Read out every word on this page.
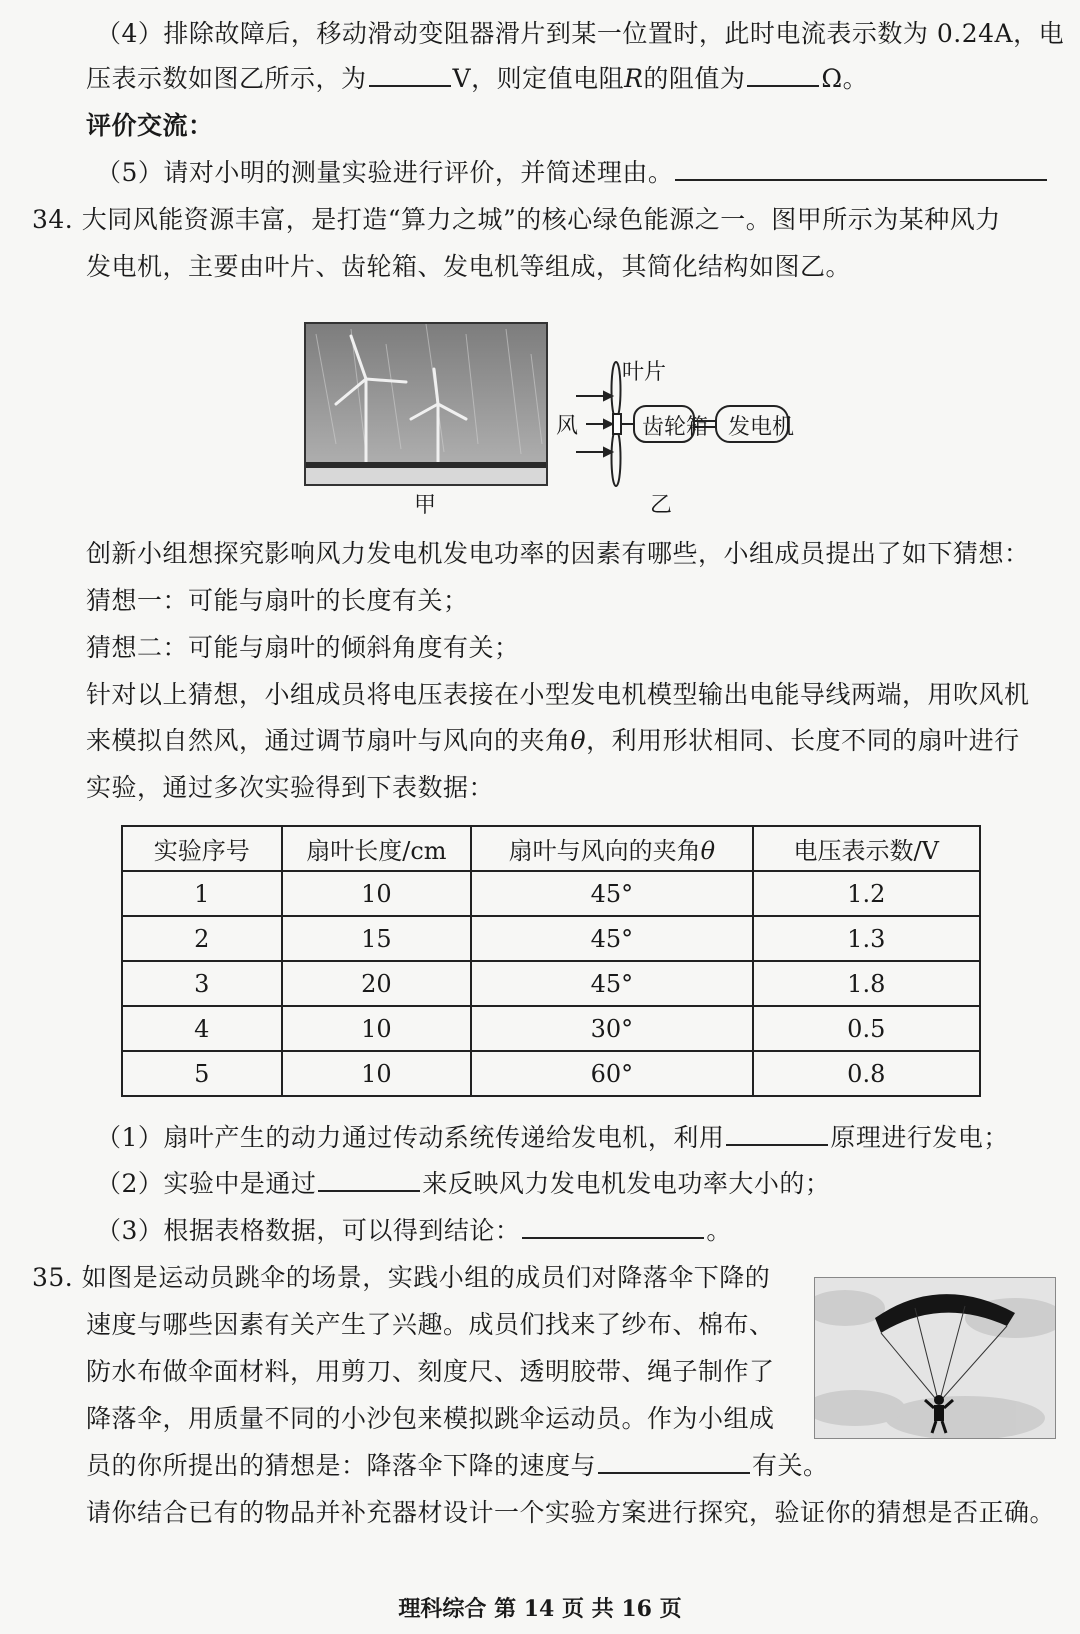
（4）排除故障后，移动滑动变阻器滑片到某一位置时，此时电流表示数为 0.24A，电
压表示数如图乙所示，为	V，则定值电阻R的阻值为	Ω。
评价交流：
（5）请对小明的测量实验进行评价，并简述理由。
34. 大同风能资源丰富，是打造“算力之城”的核心绿色能源之一。图甲所示为某种风力
发电机，主要由叶片、齿轮箱、发电机等组成，其简化结构如图乙。
甲
叶片
风	齿轮箱 发电机
乙
创新小组想探究影响风力发电机发电功率的因素有哪些，小组成员提出了如下猜想：
猜想一：可能与扇叶的长度有关；
猜想二：可能与扇叶的倾斜角度有关；
针对以上猜想，小组成员将电压表接在小型发电机模型输出电能导线两端，用吹风机
来模拟自然风，通过调节扇叶与风向的夹角θ，利用形状相同、长度不同的扇叶进行
实验，通过多次实验得到下表数据：
实验序号	扇叶长度/cm	扇叶与风向的夹角θ	电压表示数/V
1	10	45°	1.2
2	15	45°	1.3
3	20	45°	1.8
4	10	30°	0.5
5	10	60°	0.8
（1）扇叶产生的动力通过传动系统传递给发电机，利用	原理进行发电；
（2）实验中是通过	来反映风力发电机发电功率大小的；
（3）根据表格数据，可以得到结论：	。
35. 如图是运动员跳伞的场景，实践小组的成员们对降落伞下降的
速度与哪些因素有关产生了兴趣。成员们找来了纱布、棉布、
防水布做伞面材料，用剪刀、刻度尺、透明胶带、绳子制作了
降落伞，用质量不同的小沙包来模拟跳伞运动员。作为小组成
员的你所提出的猜想是：降落伞下降的速度与	有关。
请你结合已有的物品并补充器材设计一个实验方案进行探究，验证你的猜想是否正确。
理科综合 第 14 页 共 16 页
